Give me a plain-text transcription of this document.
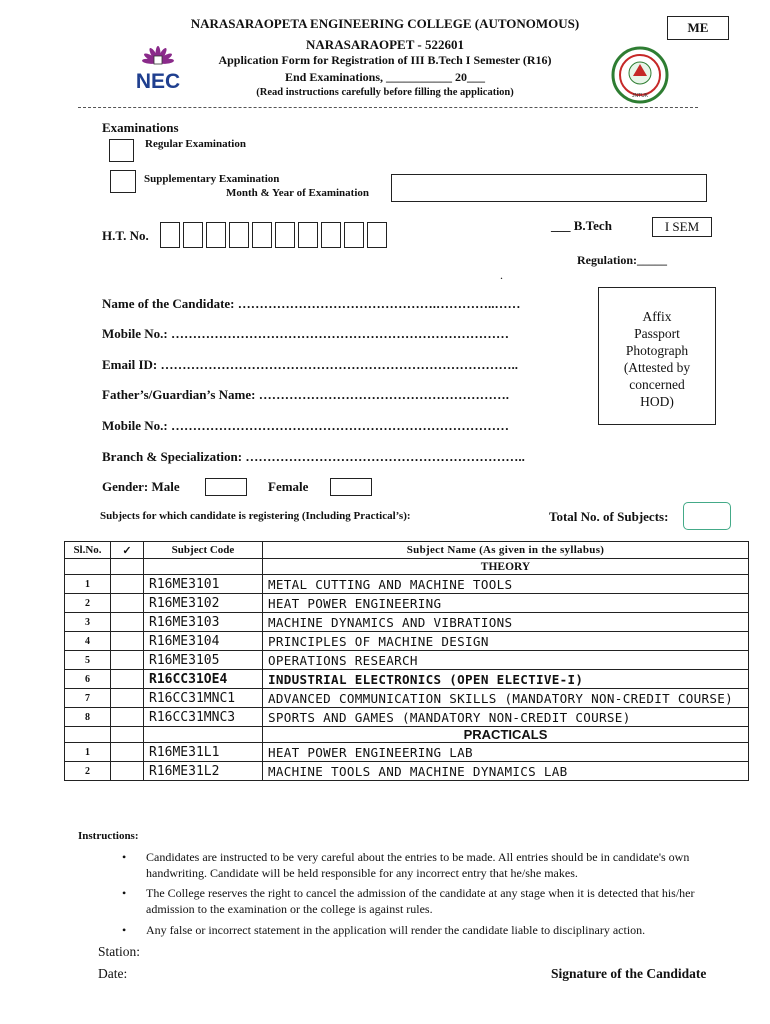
NARASARAOPETA ENGINEERING COLLEGE (AUTONOMOUS)
NARASARAOPET - 522601
Application Form for Registration of III B.Tech I Semester (R16)
End Examinations, ___________ 20___
(Read instructions carefully before filling the application)
ME
NEC
JNTUK
Examinations
Regular Examination
Supplementary Examination
Month & Year of Examination
___ B.Tech	I SEM
H.T. No.
Regulation:_____
.
Name of the Candidate: ……………………………………….…………..……
Mobile No.: ……………………………………………………………………
Email ID: ………………………………………………………………………..
Father’s/Guardian’s Name: ………………………………………………….
Mobile No.: ……………………………………………………………………
Branch & Specialization: ………………………………………………………..
Gender: Male	Female
Affix
Passport
Photograph
(Attested by
concerned
HOD)

Subjects for which candidate is registering (Including Practical’s):	Total No. of Subjects:
Sl.No.	✓	Subject Code	Subject Name (As given in the syllabus)
			THEORY
1		R16ME3101	METAL CUTTING AND MACHINE TOOLS
2		R16ME3102	HEAT POWER ENGINEERING
3		R16ME3103	MACHINE DYNAMICS AND VIBRATIONS
4		R16ME3104	PRINCIPLES OF MACHINE DESIGN
5		R16ME3105	OPERATIONS RESEARCH
6		R16CC31OE4	INDUSTRIAL ELECTRONICS (OPEN ELECTIVE-I)
7		R16CC31MNC1	ADVANCED COMMUNICATION SKILLS (MANDATORY NON-CREDIT COURSE)
8		R16CC31MNC3	SPORTS AND GAMES (MANDATORY NON-CREDIT COURSE)
			PRACTICALS
1		R16ME31L1	HEAT POWER ENGINEERING LAB
2		R16ME31L2	MACHINE TOOLS AND MACHINE DYNAMICS LAB
Instructions:
• Candidates are instructed to be very careful about the entries to be made. All entries should be in candidate's own handwriting. Candidate will be held responsible for any incorrect entry that he/she makes.
• The College reserves the right to cancel the admission of the candidate at any stage when it is detected that his/her admission to the examination or the college is against rules.
• Any false or incorrect statement in the application will render the candidate liable to disciplinary action.
Station:
Date:	Signature of the Candidate
